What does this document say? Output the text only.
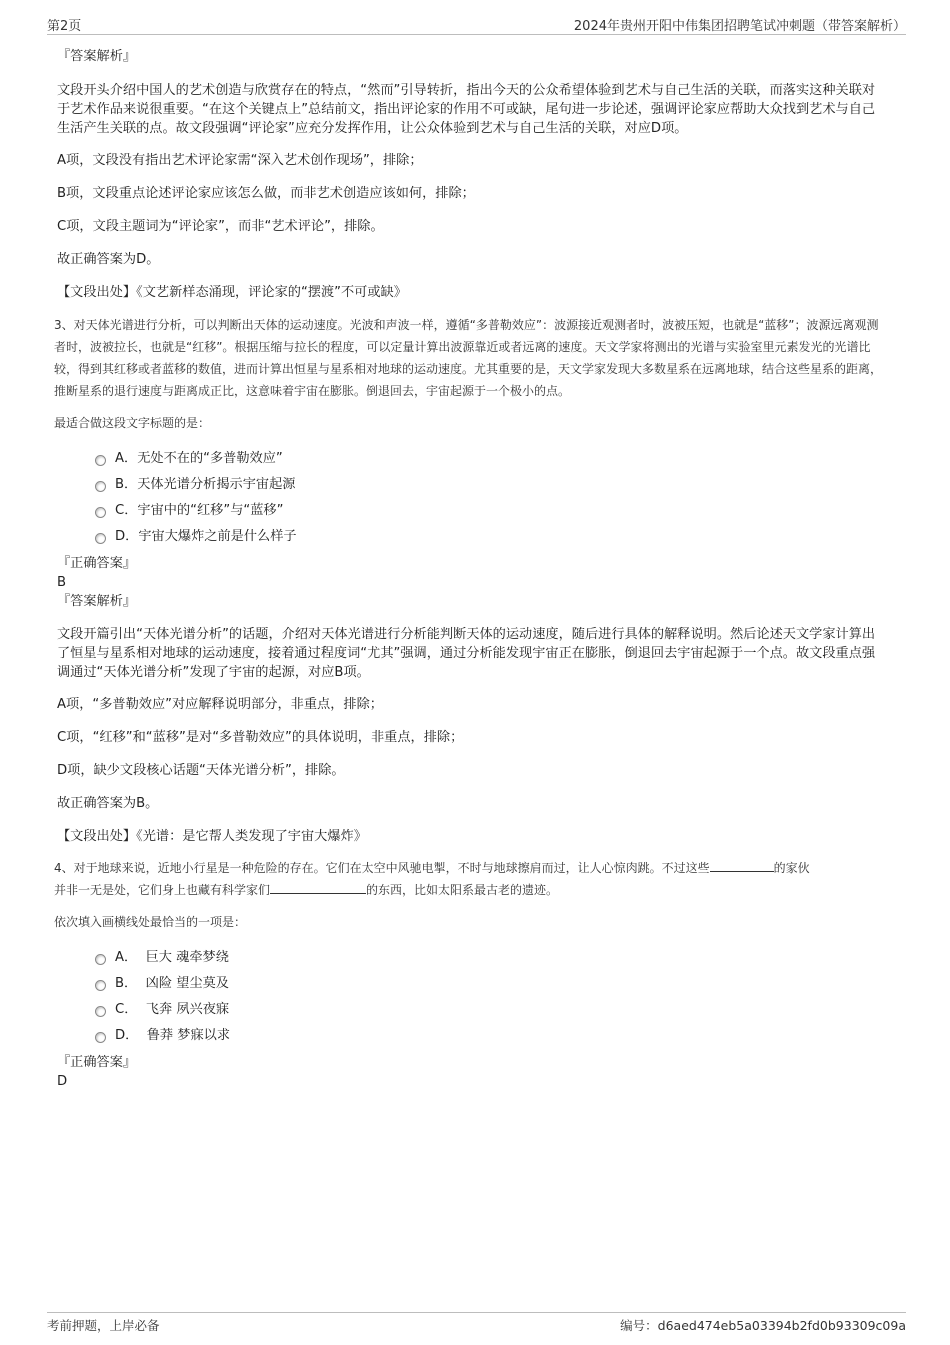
第2页	2024年贵州开阳中伟集团招聘笔试冲刺题（带答案解析）

『答案解析』

文段开头介绍中国人的艺术创造与欣赏存在的特点，“然而”引导转折，指出今天的公众希望体验到艺术与自己生活的关联，而落实这种关联对于艺术作品来说很重要。“在这个关键点上”总结前文，指出评论家的作用不可或缺，尾句进一步论述，强调评论家应帮助大众找到艺术与自己生活产生关联的点。故文段强调“评论家”应充分发挥作用，让公众体验到艺术与自己生活的关联，对应D项。

A项，文段没有指出艺术评论家需“深入艺术创作现场”，排除；

B项，文段重点论述评论家应该怎么做，而非艺术创造应该如何，排除；

C项，文段主题词为“评论家”，而非“艺术评论”，排除。

故正确答案为D。

【文段出处】《文艺新样态涌现，评论家的“摆渡”不可或缺》

3、对天体光谱进行分析，可以判断出天体的运动速度。光波和声波一样，遵循“多普勒效应”：波源接近观测者时，波被压短，也就是“蓝移”；波源远离观测者时，波被拉长，也就是“红移”。根据压缩与拉长的程度，可以定量计算出波源靠近或者远离的速度。天文学家将测出的光谱与实验室里元素发光的光谱比较，得到其红移或者蓝移的数值，进而计算出恒星与星系相对地球的运动速度。尤其重要的是，天文学家发现大多数星系在远离地球，结合这些星系的距离，推断星系的退行速度与距离成正比，这意味着宇宙在膨胀。倒退回去，宇宙起源于一个极小的点。

最适合做这段文字标题的是：

A．无处不在的“多普勒效应”
B．天体光谱分析揭示宇宙起源
C．宇宙中的“红移”与“蓝移”
D．宇宙大爆炸之前是什么样子

『正确答案』

B

『答案解析』

文段开篇引出“天体光谱分析”的话题，介绍对天体光谱进行分析能判断天体的运动速度，随后进行具体的解释说明。然后论述天文学家计算出了恒星与星系相对地球的运动速度，接着通过程度词“尤其”强调，通过分析能发现宇宙正在膨胀，倒退回去宇宙起源于一个点。故文段重点强调通过“天体光谱分析”发现了宇宙的起源，对应B项。

A项，“多普勒效应”对应解释说明部分，非重点，排除；

C项，“红移”和“蓝移”是对“多普勒效应”的具体说明，非重点，排除；

D项，缺少文段核心话题“天体光谱分析”，排除。

故正确答案为B。

【文段出处】《光谱：是它帮人类发现了宇宙大爆炸》

4、对于地球来说，近地小行星是一种危险的存在。它们在太空中风驰电掣，不时与地球擦肩而过，让人心惊肉跳。不过这些	的家伙
并非一无是处，它们身上也藏有科学家们	的东西，比如太阳系最古老的遗迹。

依次填入画横线处最恰当的一项是：

A． 巨大 魂牵梦绕
B． 凶险 望尘莫及
C． 飞奔 夙兴夜寐
D． 鲁莽 梦寐以求

『正确答案』

D

考前押题，上岸必备	编号：d6aed474eb5a03394b2fd0b93309c09a
